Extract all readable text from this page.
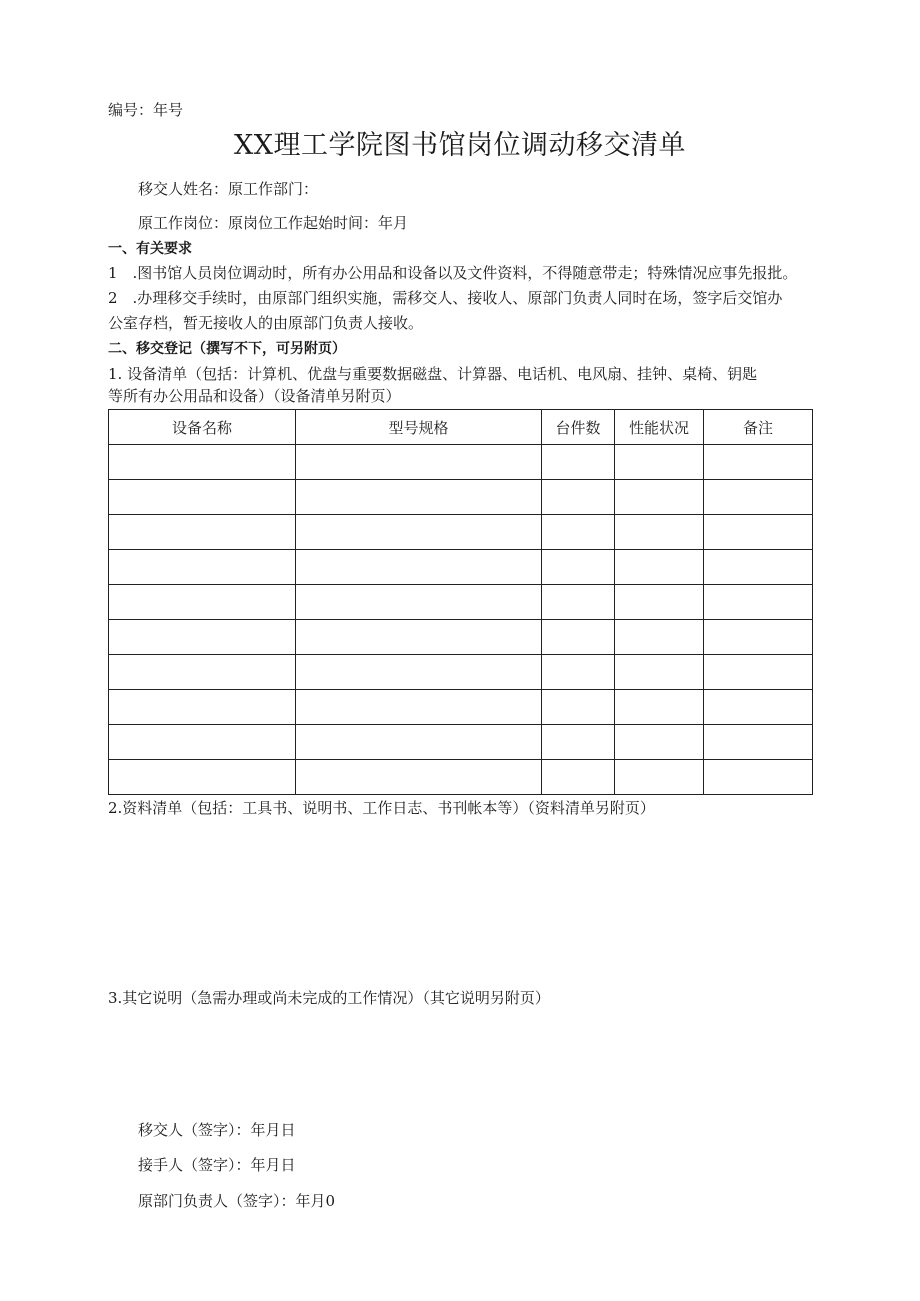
编号：年号
XX理工学院图书馆岗位调动移交清单
移交人姓名：原工作部门：
原工作岗位：原岗位工作起始时间：年月
一、有关要求
1 .图书馆人员岗位调动时，所有办公用品和设备以及文件资料，不得随意带走；特殊情况应事先报批。
2 .办理移交手续时，由原部门组织实施，需移交人、接收人、原部门负责人同时在场，签字后交馆办
公室存档，暂无接收人的由原部门负责人接收。
二、移交登记（撰写不下，可另附页）
1. 设备清单（包括：计算机、优盘与重要数据磁盘、计算器、电话机、电风扇、挂钟、桌椅、钥匙
等所有办公用品和设备）（设备清单另附页）
设备名称	型号规格	台件数	性能状况	备注

2.资料清单（包括：工具书、说明书、工作日志、书刊帐本等）（资料清单另附页）
3.其它说明（急需办理或尚未完成的工作情况）（其它说明另附页）
移交人（签字）：年月日
接手人（签字）：年月日
原部门负责人（签字）：年月0
